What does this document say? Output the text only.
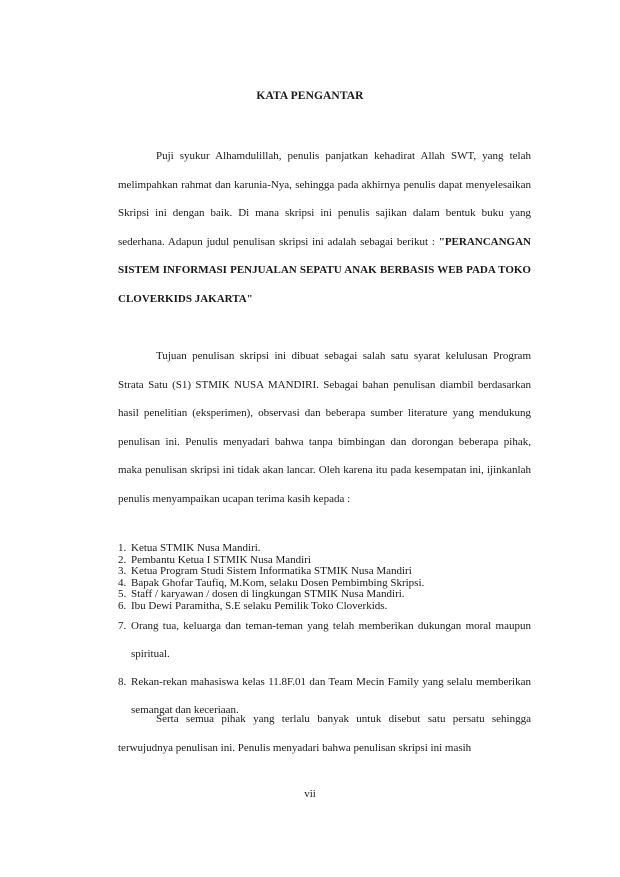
KATA PENGANTAR
Puji syukur Alhamdulillah, penulis panjatkan kehadirat Allah SWT, yang telah melimpahkan rahmat dan karunia-Nya, sehingga pada akhirnya penulis dapat menyelesaikan Skripsi ini dengan baik. Di mana skripsi ini penulis sajikan dalam bentuk buku yang sederhana. Adapun judul penulisan skripsi ini adalah sebagai berikut : "PERANCANGAN SISTEM INFORMASI PENJUALAN SEPATU ANAK BERBASIS WEB PADA TOKO CLOVERKIDS JAKARTA"
Tujuan penulisan skripsi ini dibuat sebagai salah satu syarat kelulusan Program Strata Satu (S1) STMIK NUSA MANDIRI. Sebagai bahan penulisan diambil berdasarkan hasil penelitian (eksperimen), observasi dan beberapa sumber literature yang mendukung penulisan ini. Penulis menyadari bahwa tanpa bimbingan dan dorongan beberapa pihak, maka penulisan skripsi ini tidak akan lancar. Oleh karena itu pada kesempatan ini, ijinkanlah penulis menyampaikan ucapan terima kasih kepada :
1. Ketua STMIK Nusa Mandiri.
2. Pembantu Ketua I STMIK Nusa Mandiri
3. Ketua Program Studi Sistem Informatika STMIK Nusa Mandiri
4. Bapak Ghofar Taufiq, M.Kom, selaku Dosen Pembimbing Skripsi.
5. Staff / karyawan / dosen di lingkungan STMIK Nusa Mandiri.
6. Ibu Dewi Paramitha, S.E selaku Pemilik Toko Cloverkids.
7. Orang tua, keluarga dan teman-teman yang telah memberikan dukungan moral maupun spiritual.
8. Rekan-rekan mahasiswa kelas 11.8F.01 dan Team Mecin Family yang selalu memberikan semangat dan keceriaan.
Serta semua pihak yang terlalu banyak untuk disebut satu persatu sehingga terwujudnya penulisan ini. Penulis menyadari bahwa penulisan skripsi ini masih
vii
